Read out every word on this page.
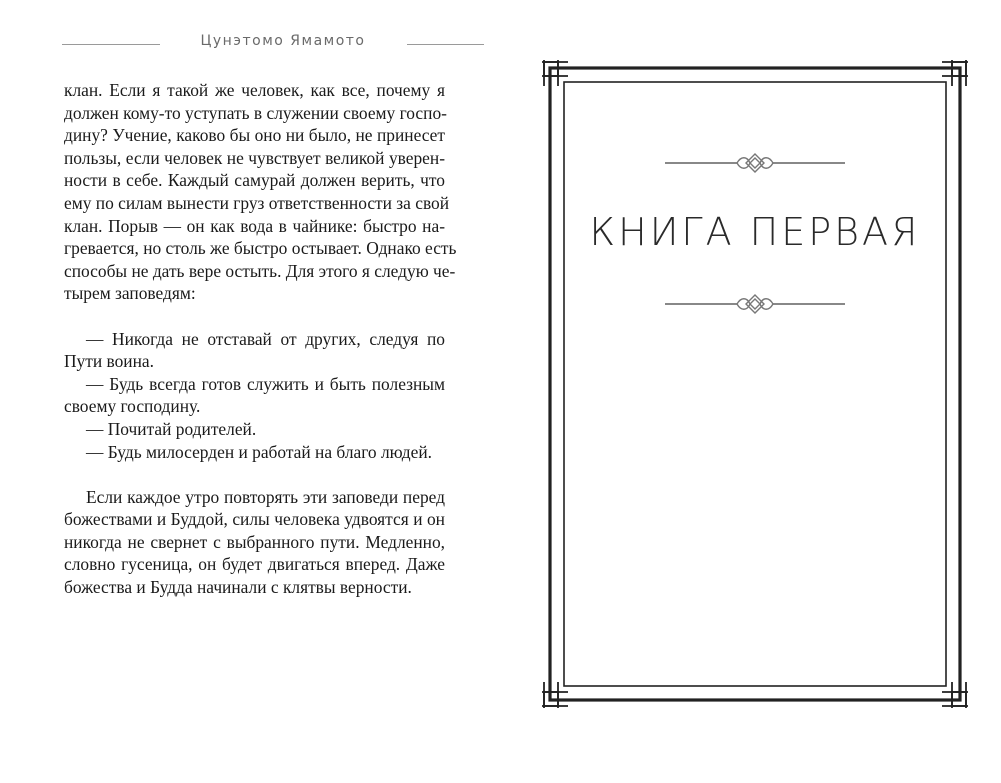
Цунэтомо Ямамото
клан. Если я такой же человек, как все, почему я
должен кому-то уступать в служении своему госпо-
дину? Учение, каково бы оно ни было, не принесет
пользы, если человек не чувствует великой уверен-
ности в себе. Каждый самурай должен верить, что
ему по силам вынести груз ответственности за свой
клан. Порыв — он как вода в чайнике: быстро на-
гревается, но столь же быстро остывает. Однако есть
способы не дать вере остыть. Для этого я следую че-
тырем заповедям:
— Никогда не отставай от других, следуя по
Пути воина.
— Будь всегда готов служить и быть полезным
своему господину.
— Почитай родителей.
— Будь милосерден и работай на благо людей.
Если каждое утро повторять эти заповеди перед
божествами и Буддой, силы человека удвоятся и он
никогда не свернет с выбранного пути. Медленно,
словно гусеница, он будет двигаться вперед. Даже
божества и Будда начинали с клятвы верности.
КНИГА ПЕРВАЯ
